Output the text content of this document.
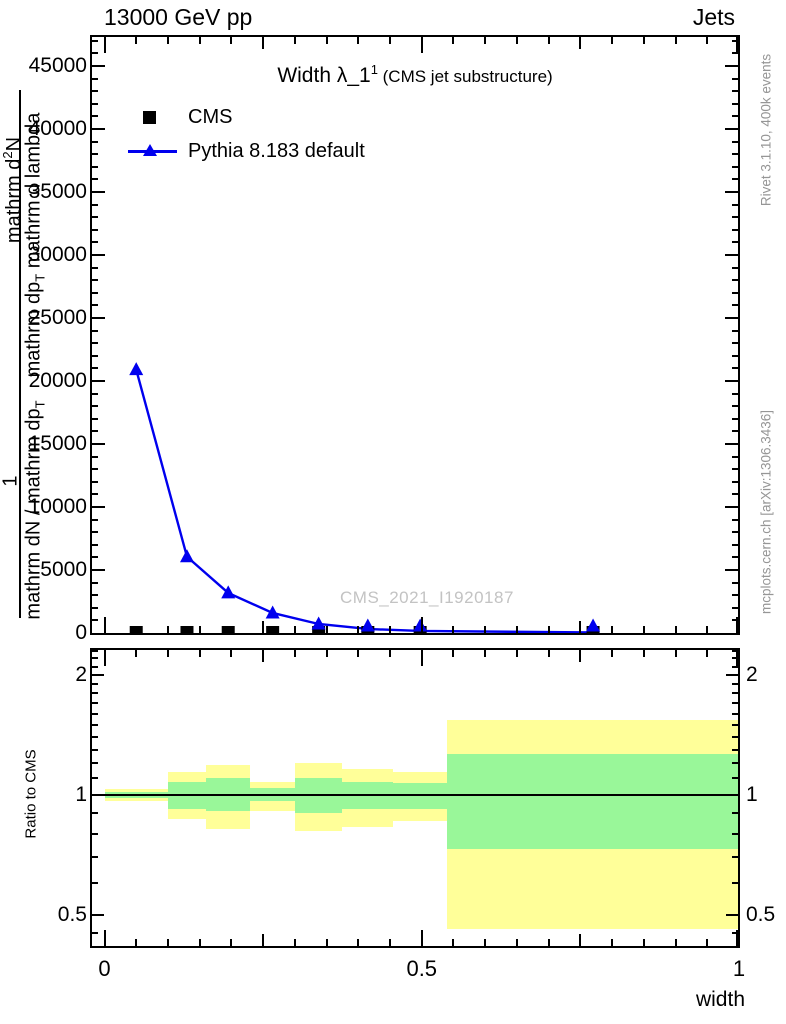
13000 GeV pp	Jets
Width $\lambda\_1^1$ (CMS jet substructure)
CMS
Pythia 8.183 default
CMS_2021_I1920187
mathrm $d^2N$
1
mathrm $dp_T$ mathrm d lambda
mathrm dN / mathrm $dp_T$
Ratio to CMS
Rivet 3.1.10, 400k events
mcplots.cern.ch [arXiv:1306.3436]
0
5000
10000
15000
20000
25000
30000
35000
40000
45000
0	0.5	1
0.5	0.5
1	1
2	2
width
